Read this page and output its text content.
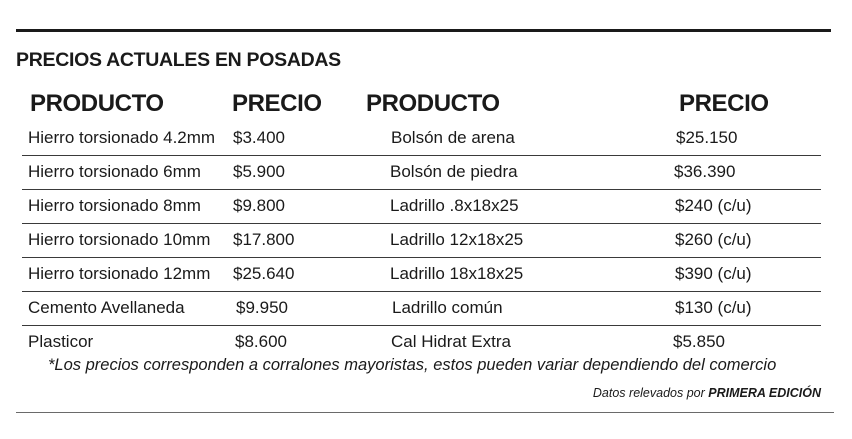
PRECIOS ACTUALES EN POSADAS
PRODUCTO	PRECIO PRODUCTO	PRECIO
Hierro torsionado 4.2mm $3.400	Bolsón de arena	$25.150
Hierro torsionado 6mm $5.900	Bolsón de piedra	$36.390
Hierro torsionado 8mm $9.800	Ladrillo .8x18x25	$240 (c/u)
Hierro torsionado 10mm $17.800	Ladrillo 12x18x25	$260 (c/u)
Hierro torsionado 12mm $25.640	Ladrillo 18x18x25	$390 (c/u)
Cemento Avellaneda	$9.950	Ladrillo común	$130 (c/u)
Plasticor	$8.600	Cal Hidrat Extra	$5.850
*Los precios corresponden a corralones mayoristas, estos pueden variar dependiendo del comercio
Datos relevados por PRIMERA EDICIÓN
